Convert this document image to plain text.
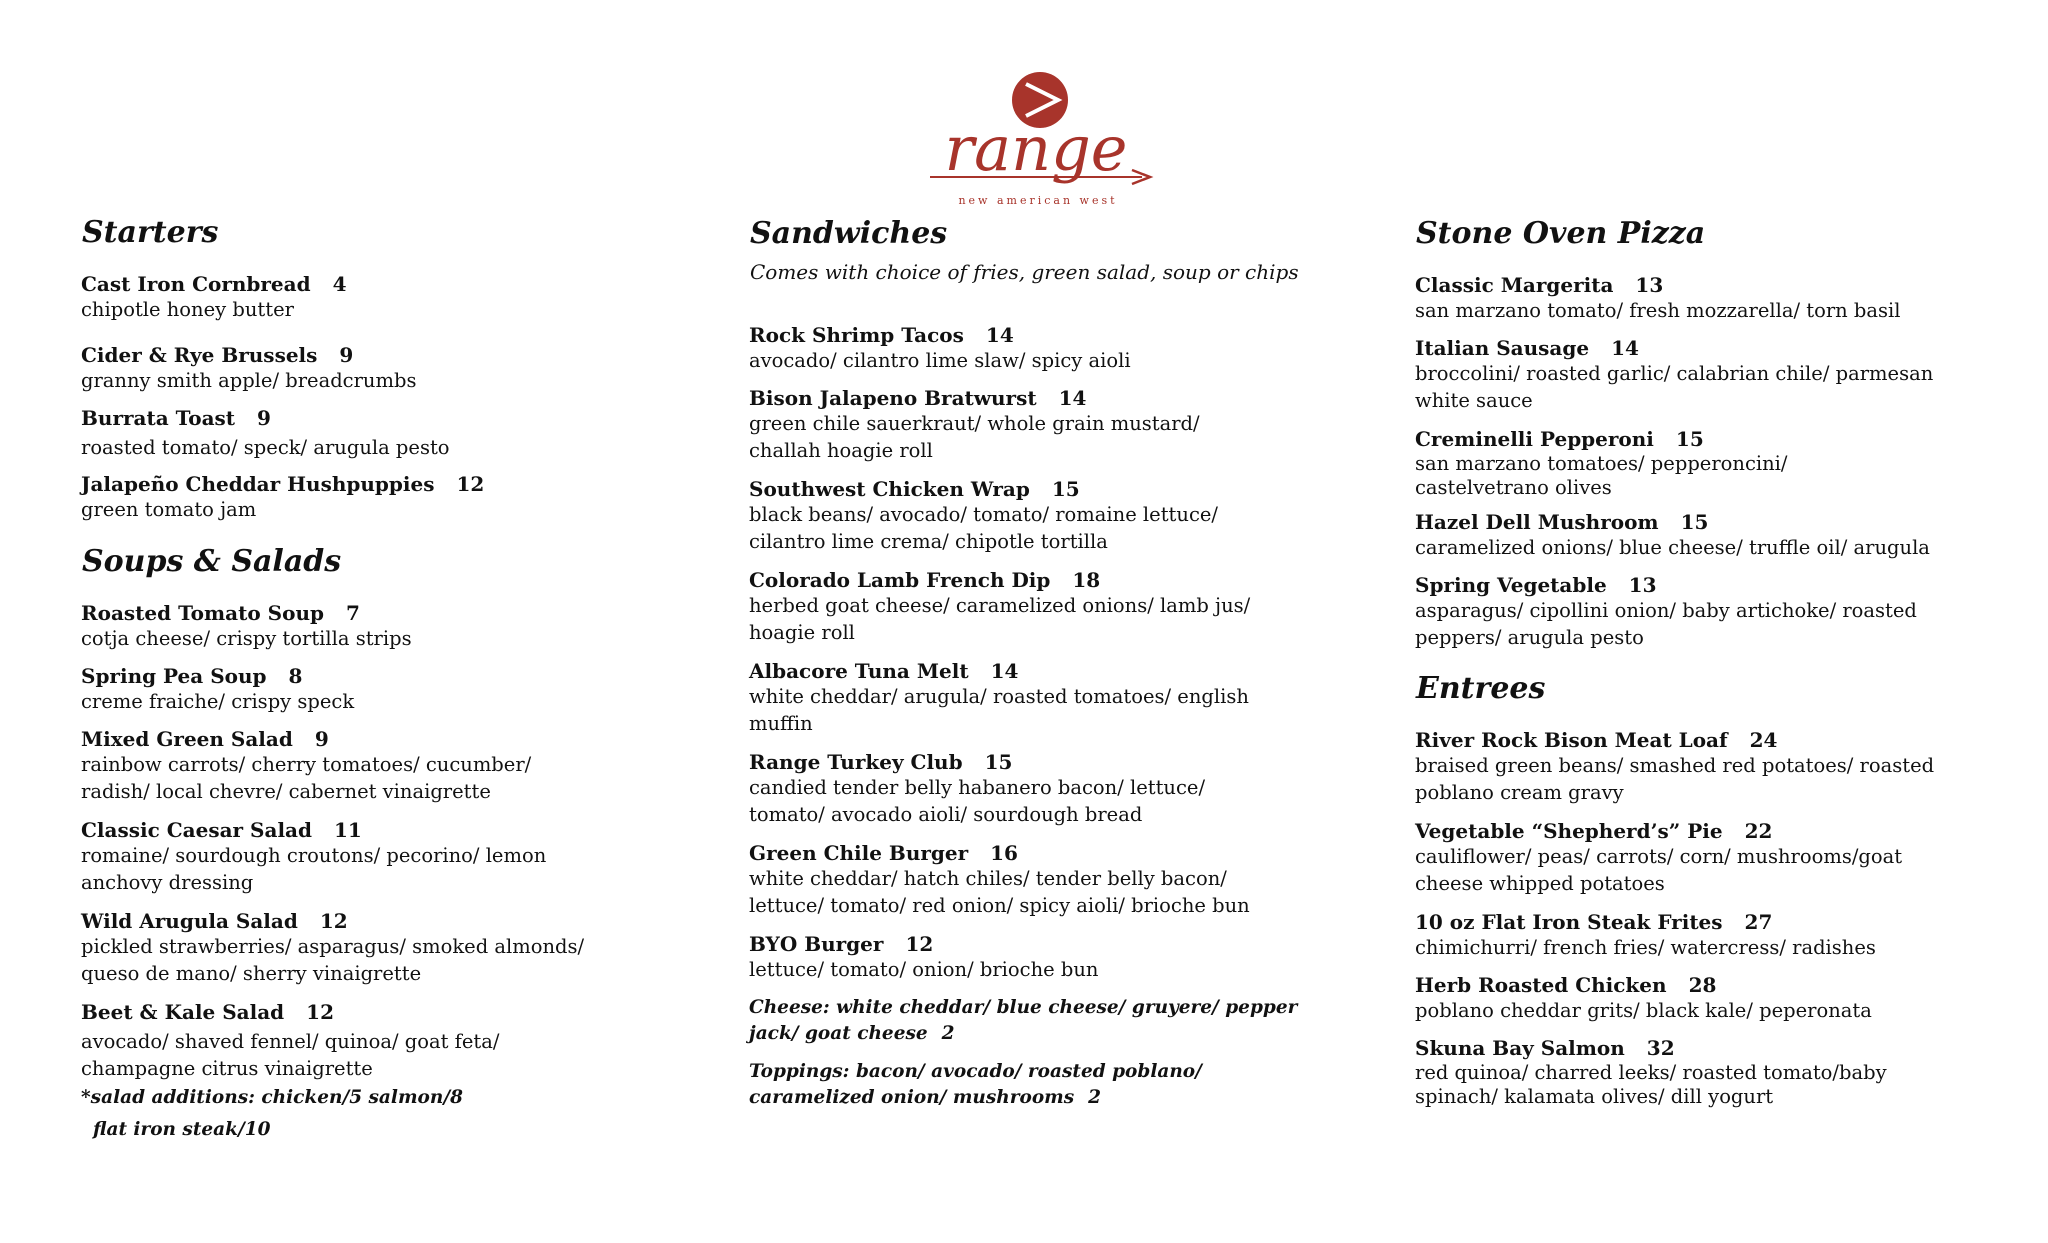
range
new american west
Starters
Cast Iron Cornbread 4
chipotle honey butter
Cider & Rye Brussels 9
granny smith apple/ breadcrumbs
Burrata Toast 9
roasted tomato/ speck/ arugula pesto
Jalapeño Cheddar Hushpuppies 12
green tomato jam
Soups & Salads
Roasted Tomato Soup 7
cotja cheese/ crispy tortilla strips
Spring Pea Soup 8
creme fraiche/ crispy speck
Mixed Green Salad 9
rainbow carrots/ cherry tomatoes/ cucumber/
radish/ local chevre/ cabernet vinaigrette
Classic Caesar Salad 11
romaine/ sourdough croutons/ pecorino/ lemon
anchovy dressing
Wild Arugula Salad 12
pickled strawberries/ asparagus/ smoked almonds/
queso de mano/ sherry vinaigrette
Beet & Kale Salad 12
avocado/ shaved fennel/ quinoa/ goat feta/
champagne citrus vinaigrette
*salad additions: chicken/5 salmon/8
flat iron steak/10
Sandwiches
Comes with choice of fries, green salad, soup or chips
Rock Shrimp Tacos 14
avocado/ cilantro lime slaw/ spicy aioli
Bison Jalapeno Bratwurst 14
green chile sauerkraut/ whole grain mustard/
challah hoagie roll
Southwest Chicken Wrap 15
black beans/ avocado/ tomato/ romaine lettuce/
cilantro lime crema/ chipotle tortilla
Colorado Lamb French Dip 18
herbed goat cheese/ caramelized onions/ lamb jus/
hoagie roll
Albacore Tuna Melt 14
white cheddar/ arugula/ roasted tomatoes/ english
muffin
Range Turkey Club 15
candied tender belly habanero bacon/ lettuce/
tomato/ avocado aioli/ sourdough bread
Green Chile Burger 16
white cheddar/ hatch chiles/ tender belly bacon/
lettuce/ tomato/ red onion/ spicy aioli/ brioche bun
BYO Burger 12
lettuce/ tomato/ onion/ brioche bun
Cheese: white cheddar/ blue cheese/ gruyere/ pepper
jack/ goat cheese 2
Toppings: bacon/ avocado/ roasted poblano/
caramelized onion/ mushrooms 2
Stone Oven Pizza
Classic Margerita 13
san marzano tomato/ fresh mozzarella/ torn basil
Italian Sausage 14
broccolini/ roasted garlic/ calabrian chile/ parmesan
white sauce
Creminelli Pepperoni 15
san marzano tomatoes/ pepperoncini/
castelvetrano olives
Hazel Dell Mushroom 15
caramelized onions/ blue cheese/ truffle oil/ arugula
Spring Vegetable 13
asparagus/ cipollini onion/ baby artichoke/ roasted
peppers/ arugula pesto
Entrees
River Rock Bison Meat Loaf 24
braised green beans/ smashed red potatoes/ roasted
poblano cream gravy
Vegetable “Shepherd’s” Pie 22
cauliflower/ peas/ carrots/ corn/ mushrooms/goat
cheese whipped potatoes
10 oz Flat Iron Steak Frites 27
chimichurri/ french fries/ watercress/ radishes
Herb Roasted Chicken 28
poblano cheddar grits/ black kale/ peperonata
Skuna Bay Salmon 32
red quinoa/ charred leeks/ roasted tomato/baby
spinach/ kalamata olives/ dill yogurt
